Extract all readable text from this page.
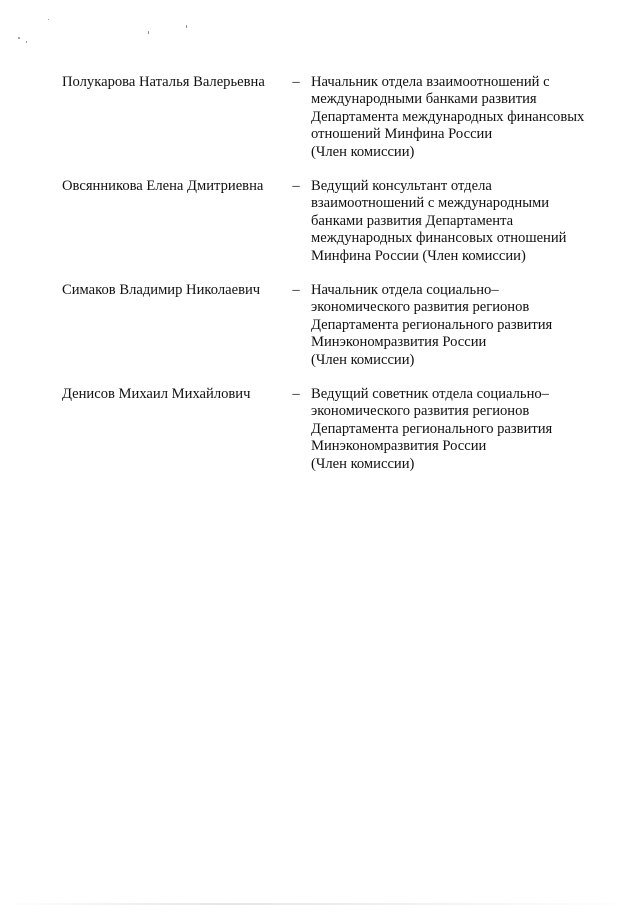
Полукарова Наталья Валерьевна	– Начальник отдела взаимоотношений с
международными банками развития
Департамента международных финансовых
отношений Минфина России
(Член комиссии)
Овсянникова Елена Дмитриевна	– Ведущий консультант отдела
взаимоотношений с международными
банками развития Департамента
международных финансовых отношений
Минфина России (Член комиссии)
Симаков Владимир Николаевич	– Начальник отдела социально–
экономического развития регионов
Департамента регионального развития
Минэкономразвития России
(Член комиссии)
Денисов Михаил Михайлович	– Ведущий советник отдела социально–
экономического развития регионов
Департамента регионального развития
Минэкономразвития России
(Член комиссии)
